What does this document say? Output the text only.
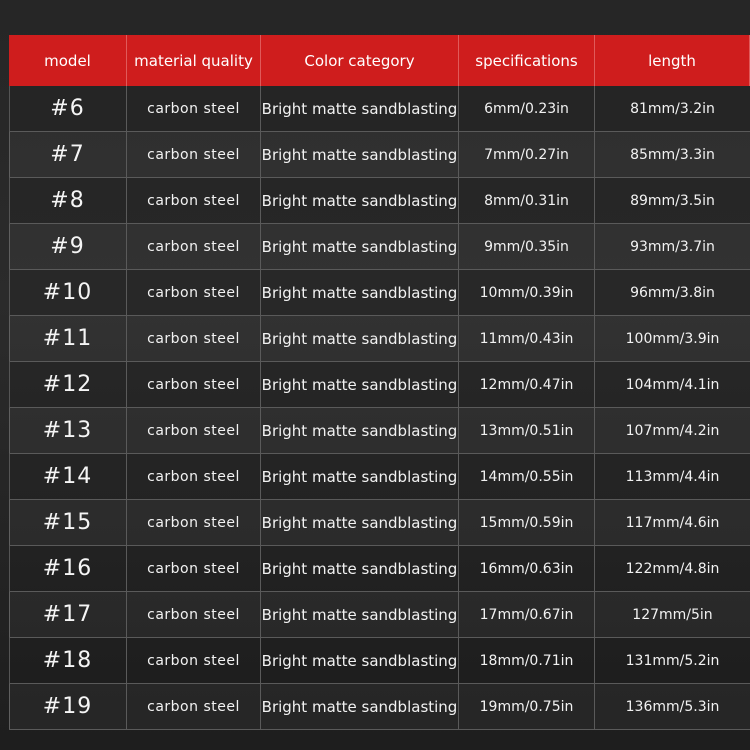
model	material quality	Color category	specifications	length
#6	carbon steel	Bright matte sandblasting	6mm/0.23in	81mm/3.2in
#7	carbon steel	Bright matte sandblasting	7mm/0.27in	85mm/3.3in
#8	carbon steel	Bright matte sandblasting	8mm/0.31in	89mm/3.5in
#9	carbon steel	Bright matte sandblasting	9mm/0.35in	93mm/3.7in
#10	carbon steel	Bright matte sandblasting	10mm/0.39in	96mm/3.8in
#11	carbon steel	Bright matte sandblasting	11mm/0.43in	100mm/3.9in
#12	carbon steel	Bright matte sandblasting	12mm/0.47in	104mm/4.1in
#13	carbon steel	Bright matte sandblasting	13mm/0.51in	107mm/4.2in
#14	carbon steel	Bright matte sandblasting	14mm/0.55in	113mm/4.4in
#15	carbon steel	Bright matte sandblasting	15mm/0.59in	117mm/4.6in
#16	carbon steel	Bright matte sandblasting	16mm/0.63in	122mm/4.8in
#17	carbon steel	Bright matte sandblasting	17mm/0.67in	127mm/5in
#18	carbon steel	Bright matte sandblasting	18mm/0.71in	131mm/5.2in
#19	carbon steel	Bright matte sandblasting	19mm/0.75in	136mm/5.3in
